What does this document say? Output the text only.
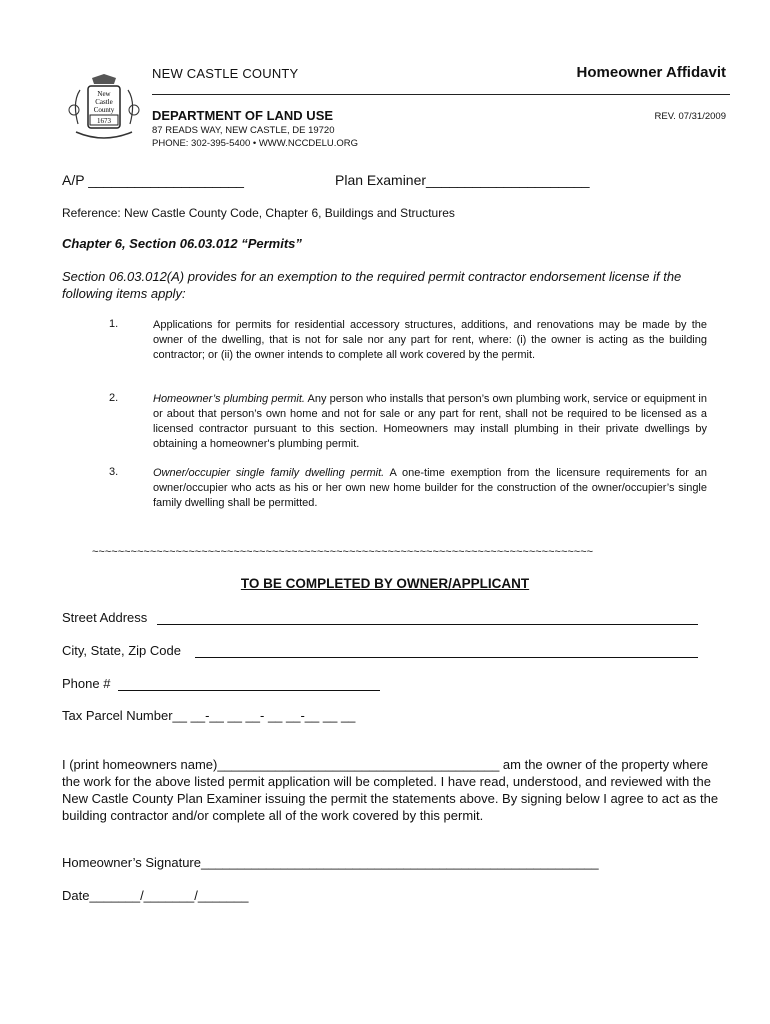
New
Castle
County
1673
NEW CASTLE COUNTY	Homeowner Affidavit
DEPARTMENT OF LAND USE	REV. 07/31/2009
87 READS WAY, NEW CASTLE, DE 19720
PHONE: 302-395-5400 • WWW.NCCDELU.ORG
A/P ____________________	Plan Examiner_____________________
Reference: New Castle County Code, Chapter 6, Buildings and Structures
Chapter 6, Section 06.03.012 “Permits”
Section 06.03.012(A) provides for an exemption to the required permit contractor endorsement license if the following items apply:
1.	Applications for permits for residential accessory structures, additions, and renovations may be made by the owner of the dwelling, that is not for sale nor any part for rent, where: (i) the owner is acting as the building contractor; or (ii) the owner intends to complete all work covered by the permit.
2.	Homeowner’s plumbing permit. Any person who installs that person’s own plumbing work, service or equipment in or about that person’s own home and not for sale or any part for rent, shall not be required to be licensed as a licensed contractor pursuant to this section. Homeowners may install plumbing in their private dwellings by obtaining a homeowner's plumbing permit.
3.	Owner/occupier single family dwelling permit. A one-time exemption from the licensure requirements for an owner/occupier who acts as his or her own new home builder for the construction of the owner/occupier’s single family dwelling shall be permitted.
~~~~~~~~~~~~~~~~~~~~~~~~~~~~~~~~~~~~~~~~~~~~~~~~~~~~~~~~~~~~~~~~~~~~~~~~~~~~~~
TO BE COMPLETED BY OWNER/APPLICANT
Street Address
City, State, Zip Code
Phone #
Tax Parcel Number__ __-__ __ __- __ __-__ __ __
I (print homeowners name)_______________________________________ am the owner of the property where the work for the above listed permit application will be completed. I have read, understood, and reviewed with the New Castle County Plan Examiner issuing the permit the statements above. By signing below I agree to act as the building contractor and/or complete all of the work covered by this permit.
Homeowner’s Signature_______________________________________________________
Date_______/_______/_______
